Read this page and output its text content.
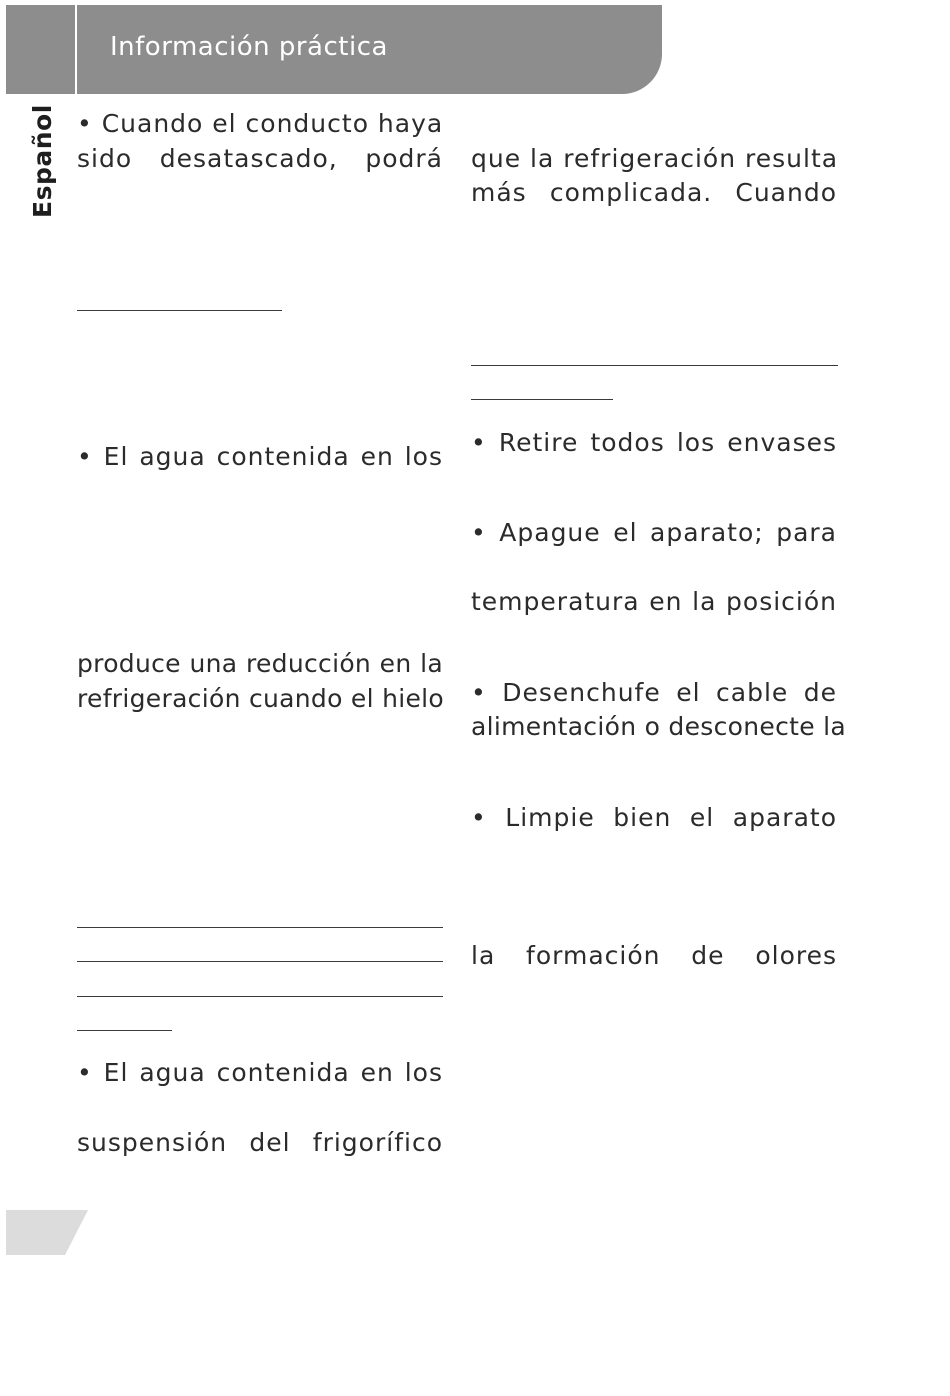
Información práctica
Español • Cuando el conducto haya
sido desatascado, podrá
• El agua contenida en los
produce una reducción en la
refrigeración cuando el hielo
• El agua contenida en los
suspensión del frigorífico
que la refrigeración resulta
más complicada. Cuando
• Retire todos los envases
• Apague el aparato; para
temperatura en la posición
• Desenchufe el cable de
alimentación o desconecte la
• Limpie bien el aparato
la formación de olores
